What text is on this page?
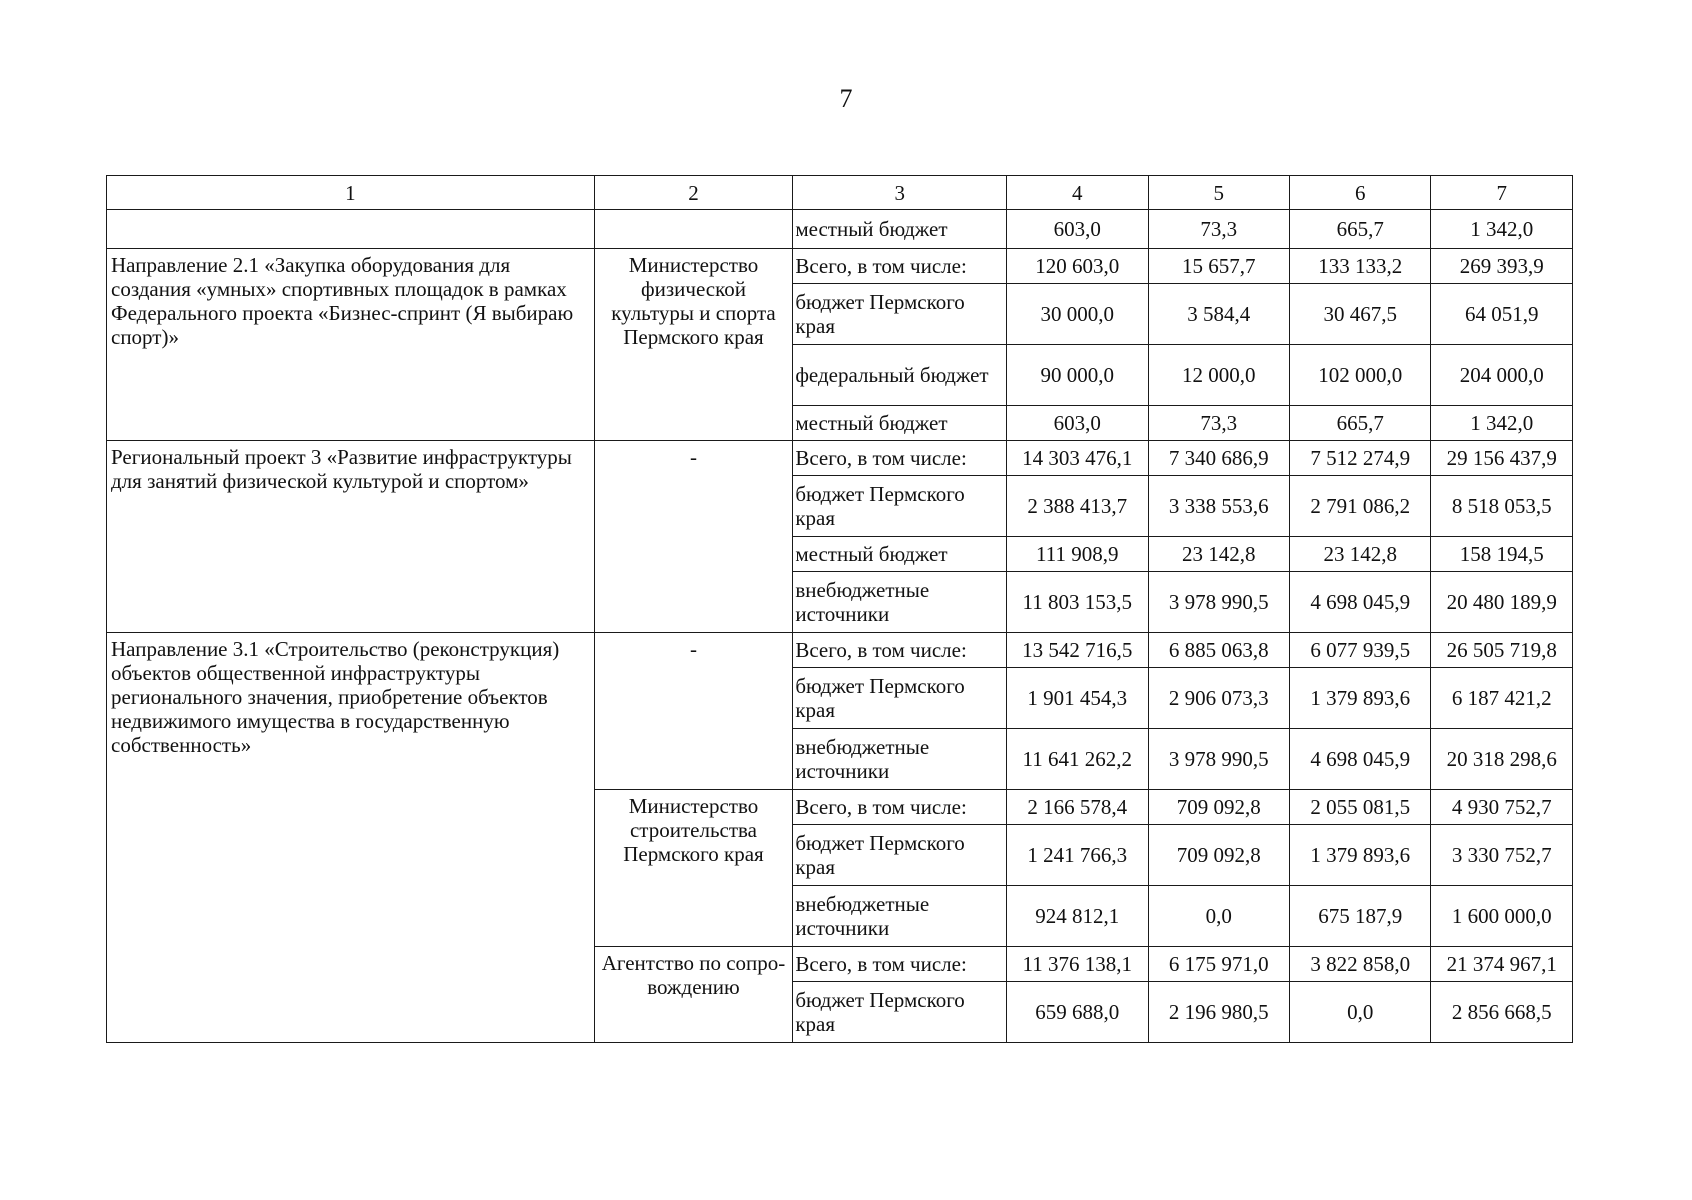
7
1	2	3	4	5	6	7
		местный бюджет	603,0	73,3	665,7	1 342,0
Направление 2.1 «Закупка оборудования для создания «умных» спортивных площадок в рамках Федерального проекта «Бизнес-спринт (Я выбираю спорт)»	Министерство физической культуры и спорта Пермского края	Всего, в том числе:	120 603,0	15 657,7	133 133,2	269 393,9
		бюджет Пермского края	30 000,0	3 584,4	30 467,5	64 051,9
		федеральный бюджет	90 000,0	12 000,0	102 000,0	204 000,0
		местный бюджет	603,0	73,3	665,7	1 342,0
Региональный проект 3 «Развитие инфраструктуры для занятий физической культурой и спортом»	-	Всего, в том числе:	14 303 476,1	7 340 686,9	7 512 274,9	29 156 437,9
		бюджет Пермского края	2 388 413,7	3 338 553,6	2 791 086,2	8 518 053,5
		местный бюджет	111 908,9	23 142,8	23 142,8	158 194,5
		внебюджетные источники	11 803 153,5	3 978 990,5	4 698 045,9	20 480 189,9
Направление 3.1 «Строительство (реконструкция) объектов общественной инфраструктуры регионального значения, приобретение объектов недвижимого имущества в государственную собственность»	-	Всего, в том числе:	13 542 716,5	6 885 063,8	6 077 939,5	26 505 719,8
		бюджет Пермского края	1 901 454,3	2 906 073,3	1 379 893,6	6 187 421,2
		внебюджетные источники	11 641 262,2	3 978 990,5	4 698 045,9	20 318 298,6
	Министерство строительства Пермского края	Всего, в том числе:	2 166 578,4	709 092,8	2 055 081,5	4 930 752,7
		бюджет Пермского края	1 241 766,3	709 092,8	1 379 893,6	3 330 752,7
		внебюджетные источники	924 812,1	0,0	675 187,9	1 600 000,0
	Агентство по сопро-вождению	Всего, в том числе:	11 376 138,1	6 175 971,0	3 822 858,0	21 374 967,1
		бюджет Пермского края	659 688,0	2 196 980,5	0,0	2 856 668,5
